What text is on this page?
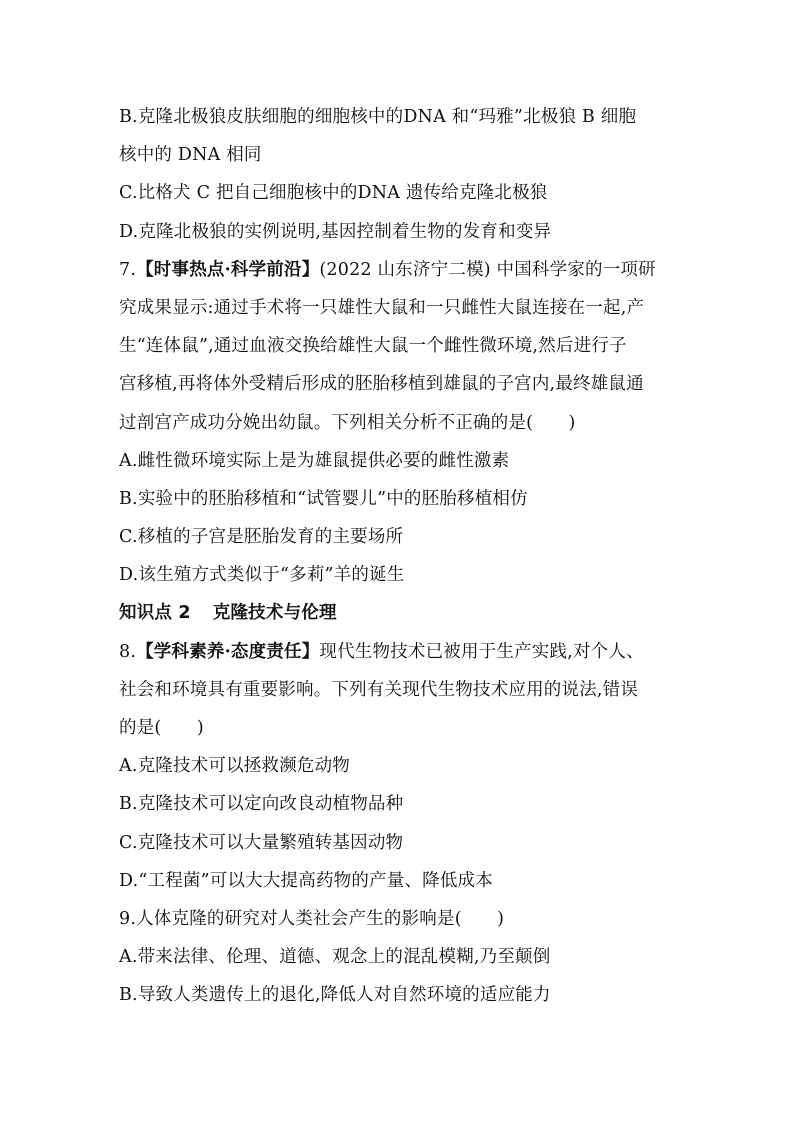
B.克隆北极狼皮肤细胞的细胞核中的DNA 和“玛雅”北极狼 B 细胞
核中的 DNA 相同
C.比格犬 C 把自己细胞核中的DNA 遗传给克隆北极狼
D.克隆北极狼的实例说明,基因控制着生物的发育和变异
7.【时事热点·科学前沿】(2022 山东济宁二模) 中国科学家的一项研
究成果显示:通过手术将一只雄性大鼠和一只雌性大鼠连接在一起,产
生“连体鼠”,通过血液交换给雄性大鼠一个雌性微环境,然后进行子
宫移植,再将体外受精后形成的胚胎移植到雄鼠的子宫内,最终雄鼠通
过剖宫产成功分娩出幼鼠。下列相关分析不正确的是(　　)
A.雌性微环境实际上是为雄鼠提供必要的雌性激素
B.实验中的胚胎移植和“试管婴儿”中的胚胎移植相仿
C.移植的子宫是胚胎发育的主要场所
D.该生殖方式类似于“多莉”羊的诞生
知识点 2 克隆技术与伦理
8.【学科素养·态度责任】现代生物技术已被用于生产实践,对个人、
社会和环境具有重要影响。下列有关现代生物技术应用的说法,错误
的是(　　)
A.克隆技术可以拯救濒危动物
B.克隆技术可以定向改良动植物品种
C.克隆技术可以大量繁殖转基因动物
D.“工程菌”可以大大提高药物的产量、降低成本
9.人体克隆的研究对人类社会产生的影响是(　　)
A.带来法律、伦理、道德、观念上的混乱模糊,乃至颠倒
B.导致人类遗传上的退化,降低人对自然环境的适应能力
